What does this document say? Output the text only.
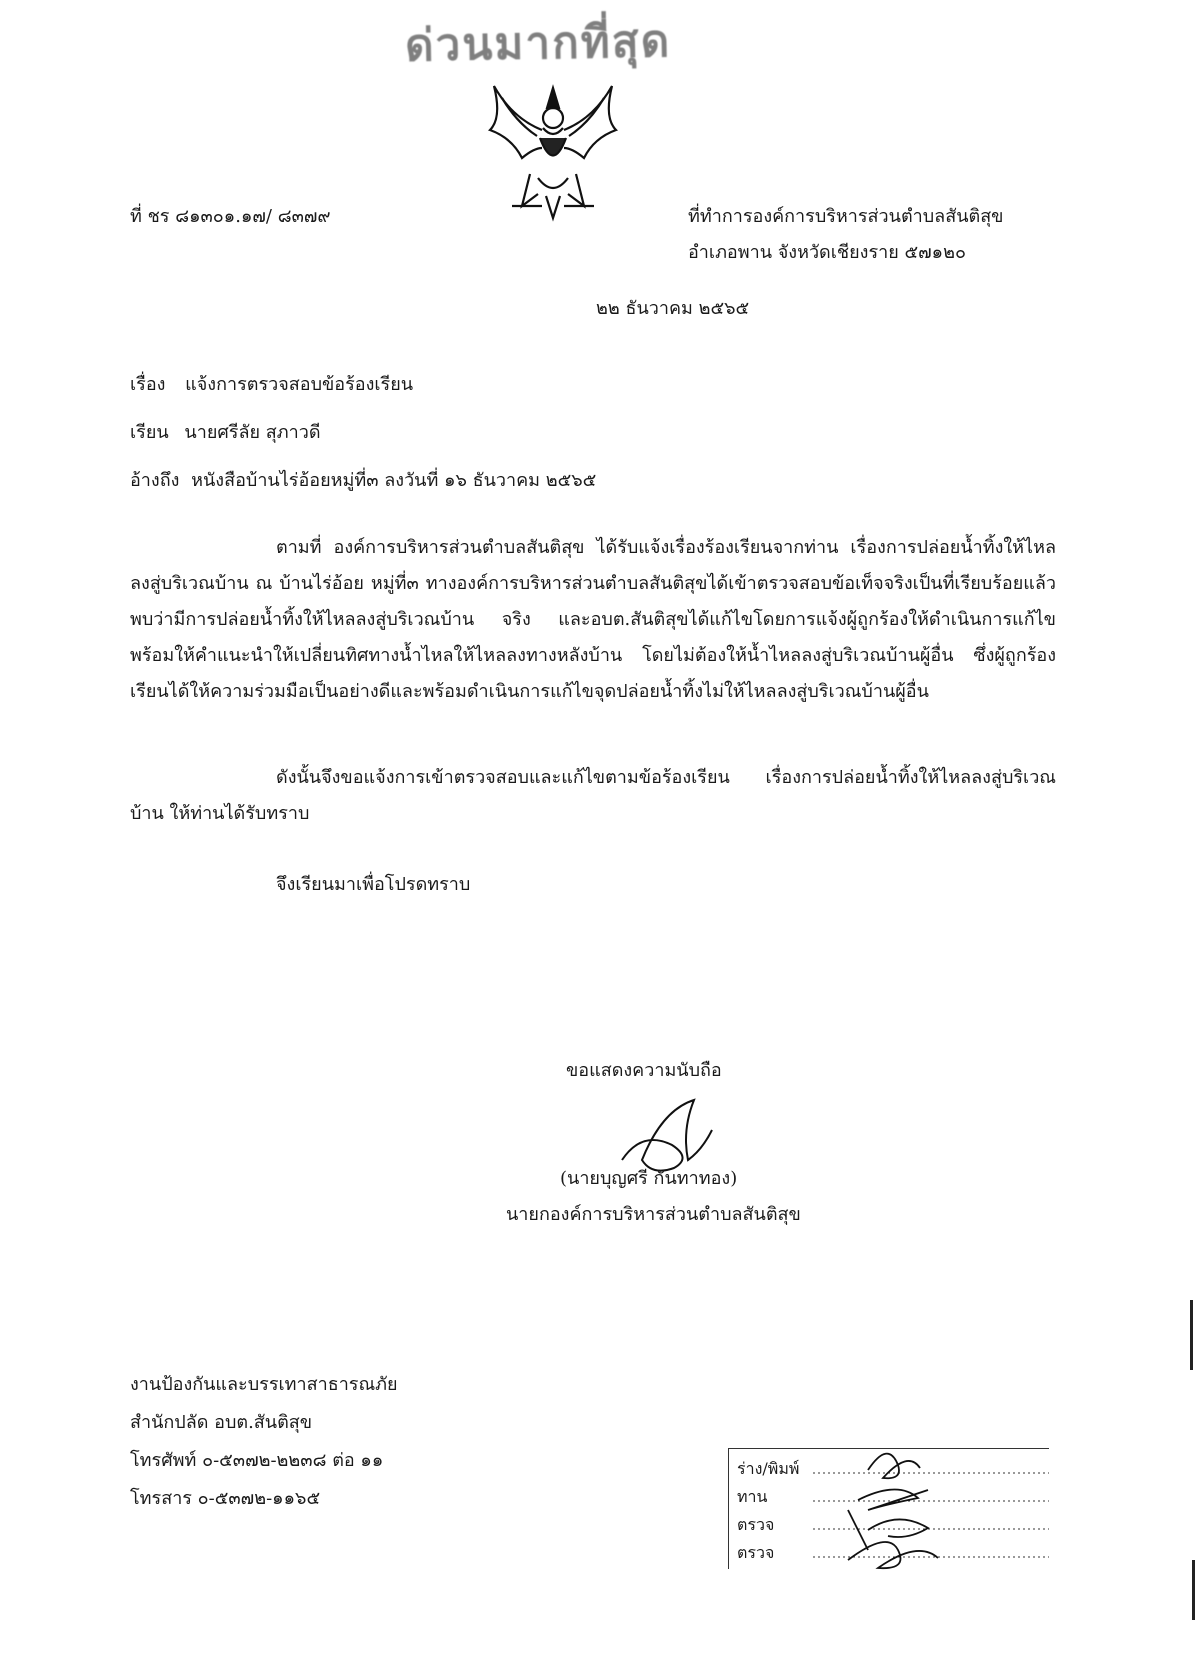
ด่วนมากที่สุด
ที่ ชร ๘๑๓๐๑.๑๗/ ๘๓๗๙	ที่ทำการองค์การบริหารส่วนตำบลสันติสุข
อำเภอพาน จังหวัดเชียงราย ๕๗๑๒๐
๒๒ ธันวาคม ๒๕๖๕
เรื่อง แจ้งการตรวจสอบข้อร้องเรียน
เรียน นายศรีลัย สุภาวดี
อ้างถึง หนังสือบ้านไร่อ้อยหมู่ที่๓ ลงวันที่ ๑๖ ธันวาคม ๒๕๖๕

ตามที่ องค์การบริหารส่วนตำบลสันติสุข ได้รับแจ้งเรื่องร้องเรียนจากท่าน เรื่องการปล่อยน้ำทิ้งให้ไหลลงสู่บริเวณบ้าน ณ บ้านไร่อ้อย หมู่ที่๓ ทางองค์การบริหารส่วนตำบลสันติสุขได้เข้าตรวจสอบข้อเท็จจริงเป็นที่เรียบร้อยแล้ว พบว่ามีการปล่อยน้ำทิ้งให้ไหลลงสู่บริเวณบ้าน จริง และอบต.สันติสุขได้แก้ไขโดยการแจ้งผู้ถูกร้องให้ดำเนินการแก้ไขพร้อมให้คำแนะนำให้เปลี่ยนทิศทางน้ำไหลให้ไหลลงทางหลังบ้าน โดยไม่ต้องให้น้ำไหลลงสู่บริเวณบ้านผู้อื่น ซึ่งผู้ถูกร้องเรียนได้ให้ความร่วมมือเป็นอย่างดีและพร้อมดำเนินการแก้ไขจุดปล่อยน้ำทิ้งไม่ให้ไหลลงสู่บริเวณบ้านผู้อื่น

ดังนั้นจึงขอแจ้งการเข้าตรวจสอบและแก้ไขตามข้อร้องเรียน เรื่องการปล่อยน้ำทิ้งให้ไหลลงสู่บริเวณบ้าน ให้ท่านได้รับทราบ

จึงเรียนมาเพื่อโปรดทราบ
ขอแสดงความนับถือ
(นายบุญศรี กันทาทอง)
นายกองค์การบริหารส่วนตำบลสันติสุข
งานป้องกันและบรรเทาสาธารณภัย
สำนักปลัด อบต.สันติสุข
โทรศัพท์ ๐-๕๓๗๒-๒๒๓๘ ต่อ ๑๑
โทรสาร ๐-๕๓๗๒-๑๑๖๕
ร่าง/พิมพ์
ทาน
ตรวจ
ตรวจ
